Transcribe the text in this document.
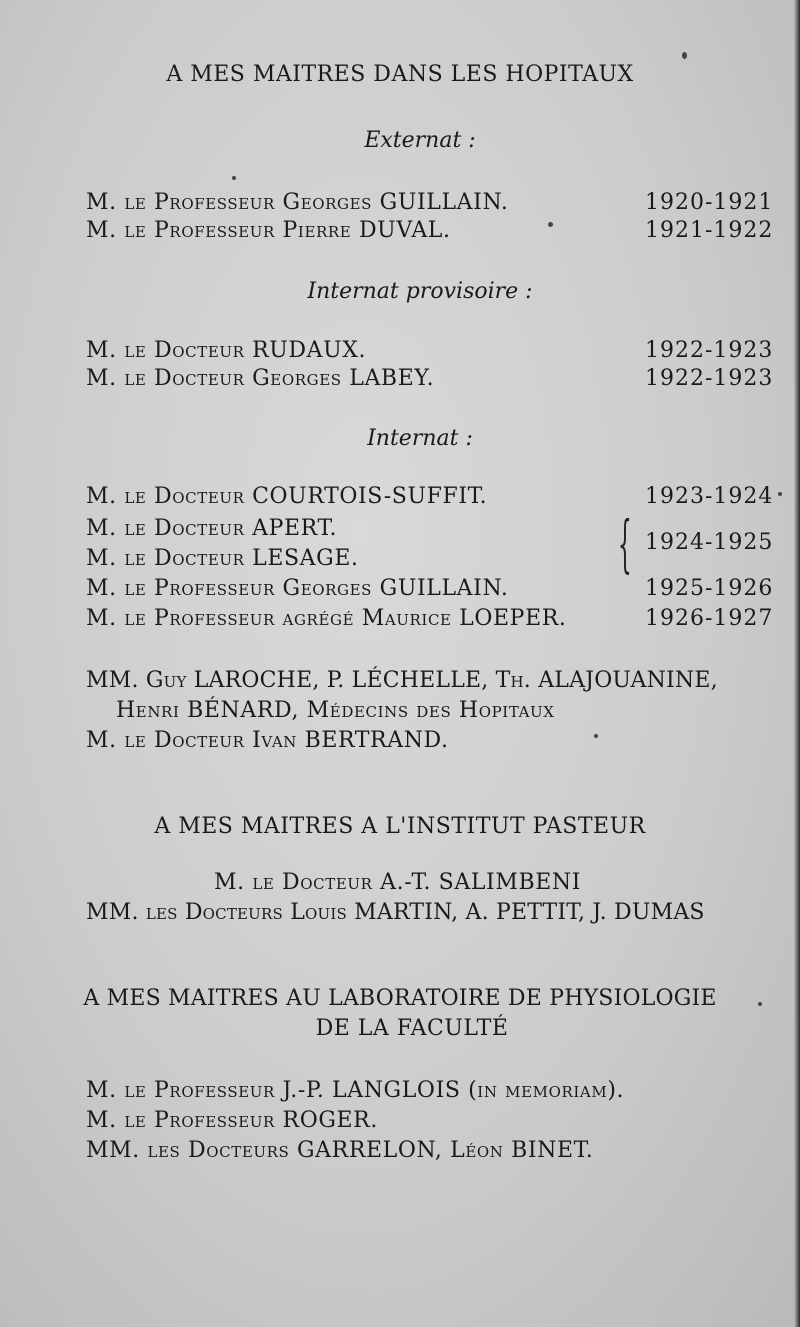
A MES MAITRES DANS LES HOPITAUX
Externat :
M. le Professeur Georges GUILLAIN.	1920-1921
M. le Professeur Pierre DUVAL.	1921-1922
Internat provisoire :
M. le Docteur RUDAUX.	1922-1923
M. le Docteur Georges LABEY.	1922-1923
Internat :
M. le Docteur COURTOIS-SUFFIT.	1923-1924
M. le Docteur APERT.
M. le Docteur LESAGE.	{ 1924-1925
M. le Professeur Georges GUILLAIN.	1925-1926
M. le Professeur agrégé Maurice LOEPER.	1926-1927
MM. Guy LAROCHE, P. LÉCHELLE, Th. ALAJOUANINE,
Henri BÉNARD, Médecins des Hopitaux
M. le Docteur Ivan BERTRAND.
A MES MAITRES A L'INSTITUT PASTEUR
M. le Docteur A.-T. SALIMBENI
MM. les Docteurs Louis MARTIN, A. PETTIT, J. DUMAS
A MES MAITRES AU LABORATOIRE DE PHYSIOLOGIE
DE LA FACULTÉ
M. le Professeur J.-P. LANGLOIS (in memoriam).
M. le Professeur ROGER.
MM. les Docteurs GARRELON, Léon BINET.
